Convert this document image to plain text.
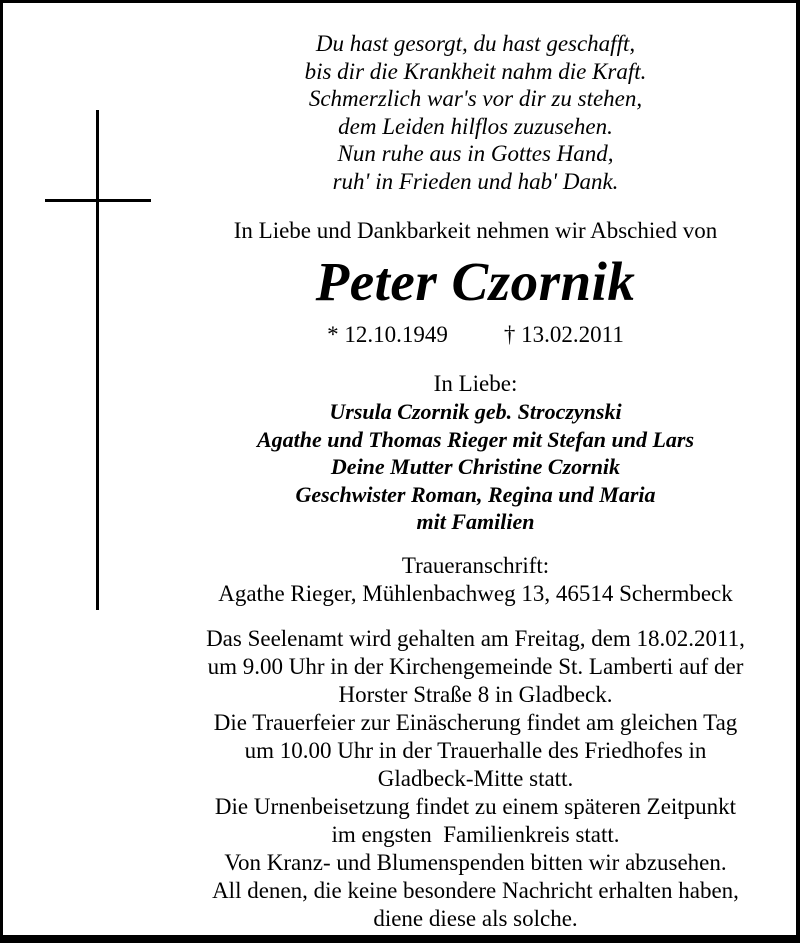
Du hast gesorgt, du hast geschafft,
bis dir die Krankheit nahm die Kraft.
Schmerzlich war's vor dir zu stehen,
dem Leiden hilflos zuzusehen.
Nun ruhe aus in Gottes Hand,
ruh' in Frieden und hab' Dank.
In Liebe und Dankbarkeit nehmen wir Abschied von
Peter Czornik
* 12.10.1949 † 13.02.2011
In Liebe:
Ursula Czornik geb. Stroczynski
Agathe und Thomas Rieger mit Stefan und Lars
Deine Mutter Christine Czornik
Geschwister Roman, Regina und Maria
mit Familien
Traueranschrift:
Agathe Rieger, Mühlenbachweg 13, 46514 Schermbeck
Das Seelenamt wird gehalten am Freitag, dem 18.02.2011,
um 9.00 Uhr in der Kirchengemeinde St. Lamberti auf der
Horster Straße 8 in Gladbeck.
Die Trauerfeier zur Einäscherung findet am gleichen Tag
um 10.00 Uhr in der Trauerhalle des Friedhofes in
Gladbeck-Mitte statt.
Die Urnenbeisetzung findet zu einem späteren Zeitpunkt
im engsten  Familienkreis statt.
Von Kranz- und Blumenspenden bitten wir abzusehen.
All denen, die keine besondere Nachricht erhalten haben,
diene diese als solche.
